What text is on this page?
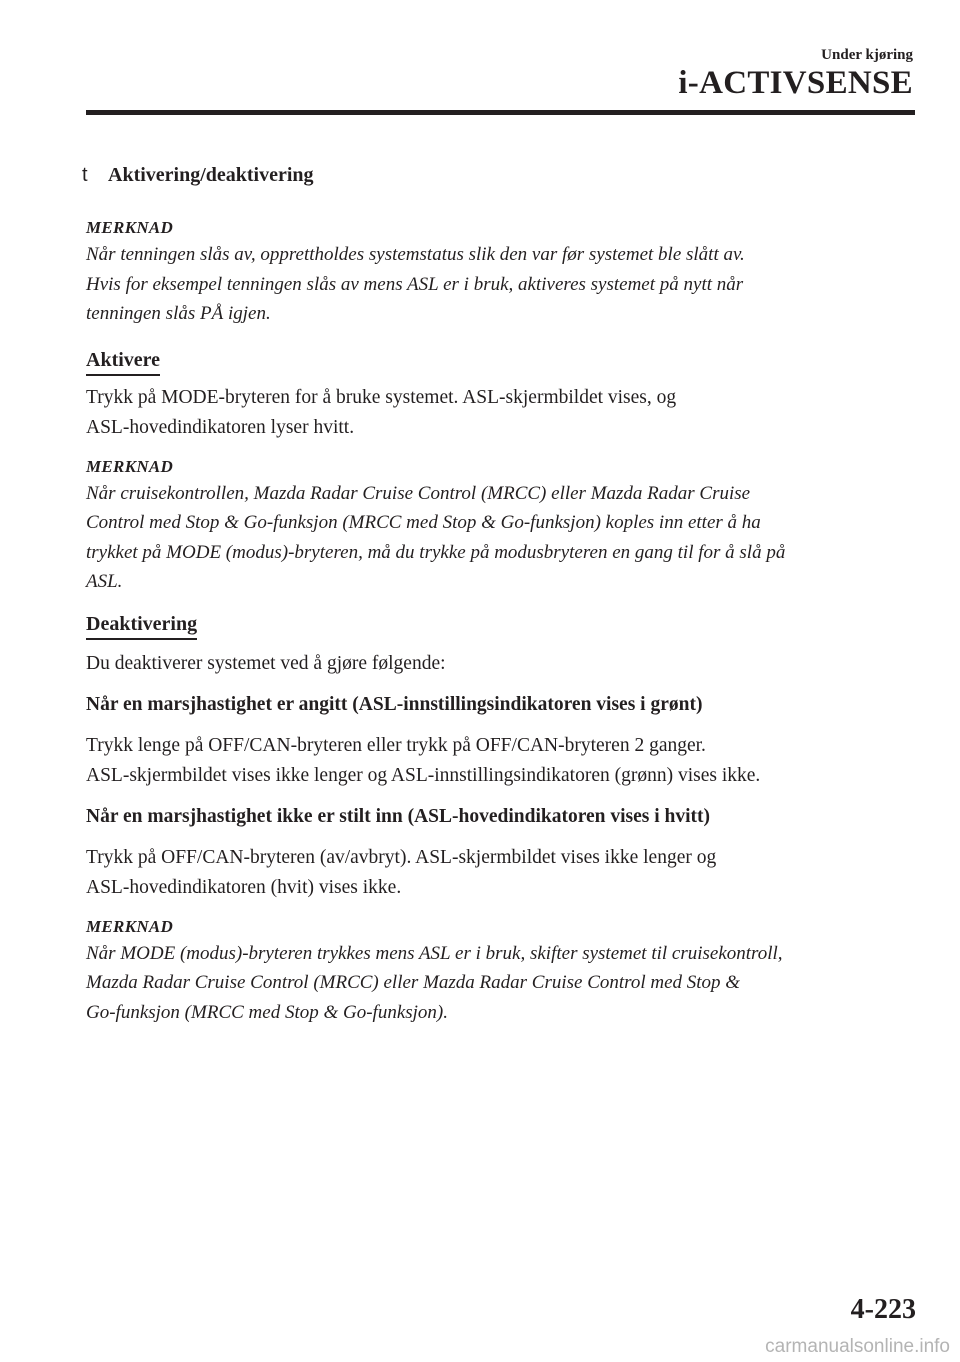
Under kjøring
i-ACTIVSENSE
t Aktivering/deaktivering

MERKNAD

Når tenningen slås av, opprettholdes systemstatus slik den var før systemet ble slått av.

Hvis for eksempel tenningen slås av mens ASL er i bruk, aktiveres systemet på nytt når

tenningen slås PÅ igjen.

Aktivere

Trykk på MODE-bryteren for å bruke systemet. ASL-skjermbildet vises, og

ASL-hovedindikatoren lyser hvitt.

MERKNAD

Når cruisekontrollen, Mazda Radar Cruise Control (MRCC) eller Mazda Radar Cruise

Control med Stop & Go-funksjon (MRCC med Stop & Go-funksjon) koples inn etter å ha

trykket på MODE (modus)-bryteren, må du trykke på modusbryteren en gang til for å slå på

ASL.

Deaktivering

Du deaktiverer systemet ved å gjøre følgende:

Når en marsjhastighet er angitt (ASL-innstillingsindikatoren vises i grønt)

Trykk lenge på OFF/CAN-bryteren eller trykk på OFF/CAN-bryteren 2 ganger.

ASL-skjermbildet vises ikke lenger og ASL-innstillingsindikatoren (grønn) vises ikke.

Når en marsjhastighet ikke er stilt inn (ASL-hovedindikatoren vises i hvitt)

Trykk på OFF/CAN-bryteren (av/avbryt). ASL-skjermbildet vises ikke lenger og

ASL-hovedindikatoren (hvit) vises ikke.

MERKNAD

Når MODE (modus)-bryteren trykkes mens ASL er i bruk, skifter systemet til cruisekontroll,

Mazda Radar Cruise Control (MRCC) eller Mazda Radar Cruise Control med Stop &

Go-funksjon (MRCC med Stop & Go-funksjon).

4-223
carmanualsonline.info
